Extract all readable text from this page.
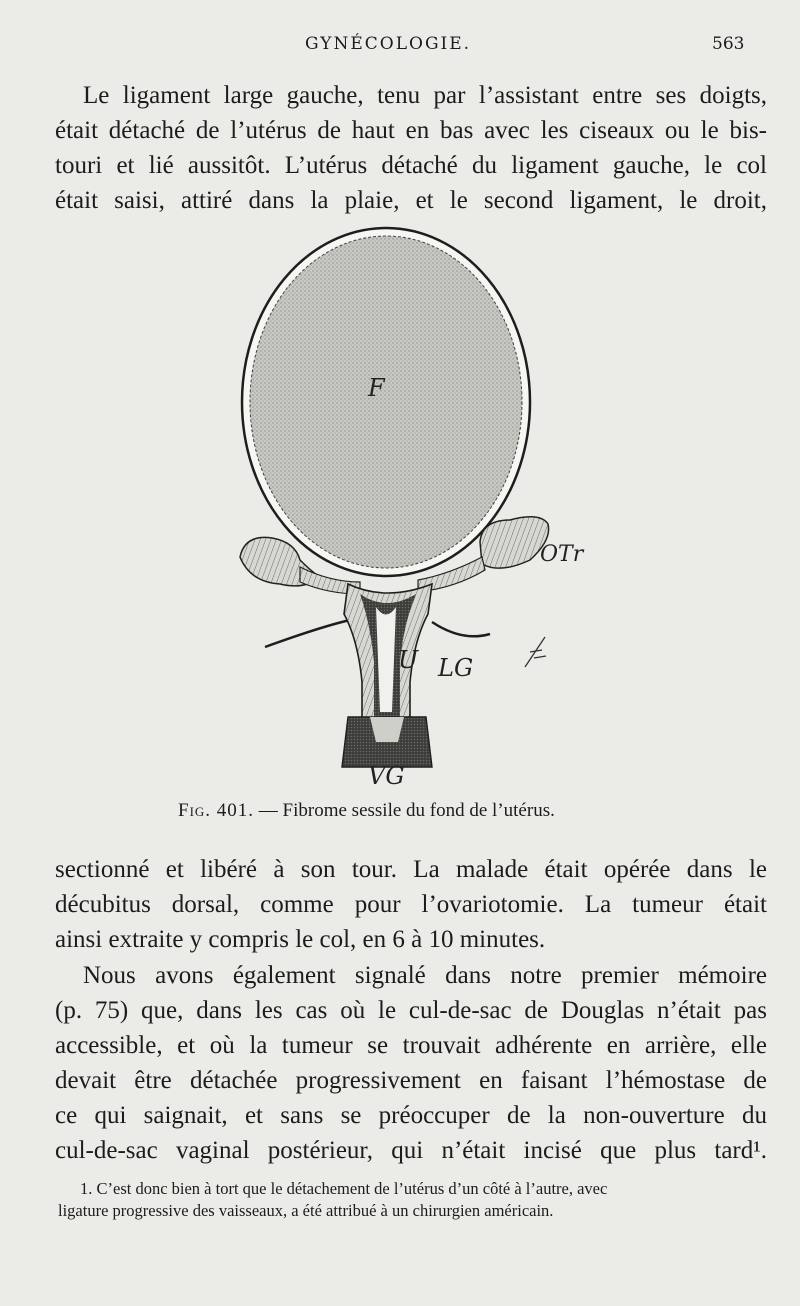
GYNÉCOLOGIE.	563
Le ligament large gauche, tenu par l’assistant entre ses doigts,
était détaché de l’utérus de haut en bas avec les ciseaux ou le bis-
touri et lié aussitôt. L’utérus détaché du ligament gauche, le col
était saisi, attiré dans la plaie, et le second ligament, le droit,
F
OTr
U LG
VG
Fig. 401. — Fibrome sessile du fond de l’utérus.
sectionné et libéré à son tour. La malade était opérée dans le
décubitus dorsal, comme pour l’ovariotomie. La tumeur était
ainsi extraite y compris le col, en 6 à 10 minutes.
Nous avons également signalé dans notre premier mémoire
(p. 75) que, dans les cas où le cul-de-sac de Douglas n’était pas
accessible, et où la tumeur se trouvait adhérente en arrière, elle
devait être détachée progressivement en faisant l’hémostase de
ce qui saignait, et sans se préoccuper de la non-ouverture du
cul-de-sac vaginal postérieur, qui n’était incisé que plus tard¹.
1. C’est donc bien à tort que le détachement de l’utérus d’un côté à l’autre, avec
ligature progressive des vaisseaux, a été attribué à un chirurgien américain.
